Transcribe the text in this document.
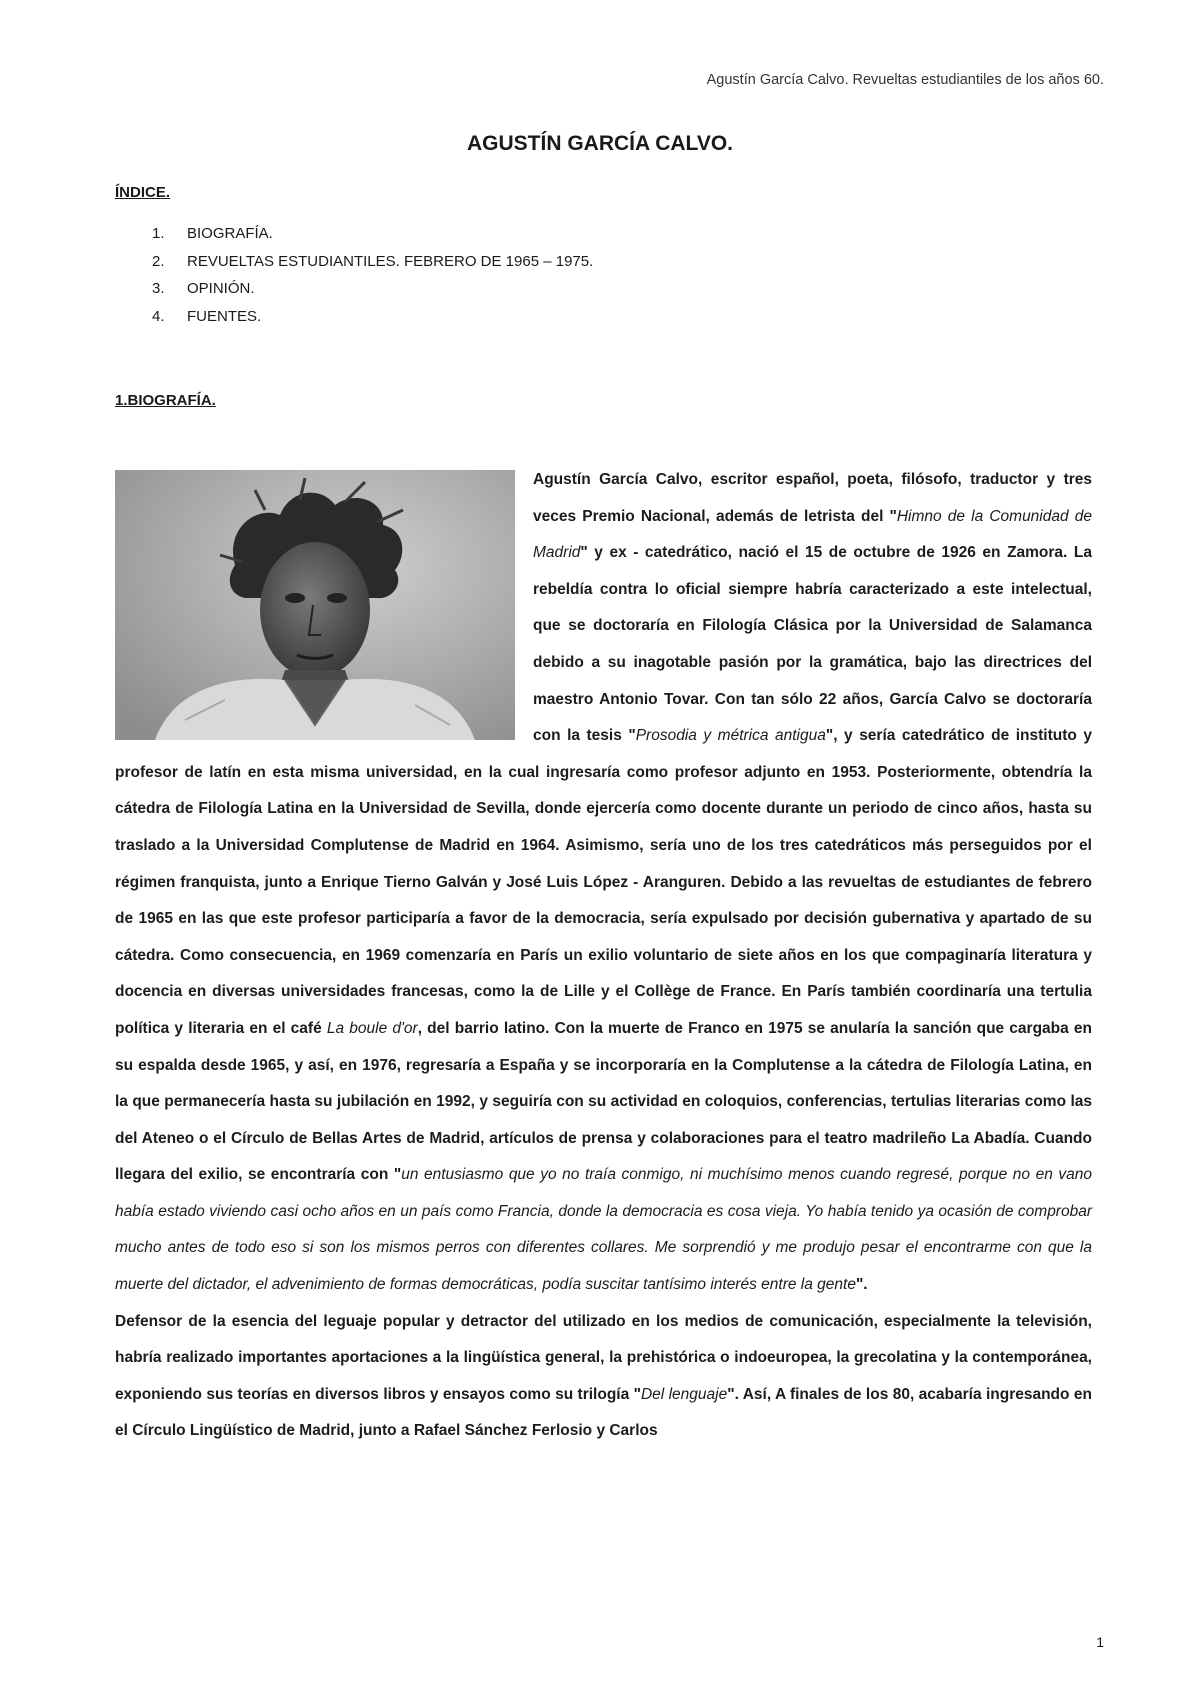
Agustín García Calvo. Revueltas estudiantiles de los años 60.
AGUSTÍN GARCÍA CALVO.
ÍNDICE.
1.	BIOGRAFÍA.
2.	REVUELTAS ESTUDIANTILES. FEBRERO DE 1965 – 1975.
3.	OPINIÓN.
4.	FUENTES.
1.BIOGRAFÍA.

Agustín García Calvo, escritor español, poeta, filósofo, traductor y tres veces Premio Nacional, además de letrista del "Himno de la Comunidad de Madrid" y ex - catedrático, nació el 15 de octubre de 1926 en Zamora. La rebeldía contra lo oficial siempre habría caracterizado a este intelectual, que se doctoraría en Filología Clásica por la Universidad de Salamanca debido a su inagotable pasión por la gramática, bajo las directrices del maestro Antonio Tovar. Con tan sólo 22 años, García Calvo se doctoraría con la tesis "Prosodia y métrica antigua", y sería catedrático de instituto y profesor de latín en esta misma universidad, en la cual ingresaría como profesor adjunto en 1953. Posteriormente, obtendría la cátedra de Filología Latina en la Universidad de Sevilla, donde ejercería como docente durante un periodo de cinco años, hasta su traslado a la Universidad Complutense de Madrid en 1964. Asimismo, sería uno de los tres catedráticos más perseguidos por el régimen franquista, junto a Enrique Tierno Galván y José Luis López - Aranguren. Debido a las revueltas de estudiantes de febrero de 1965 en las que este profesor participaría a favor de la democracia, sería expulsado por decisión gubernativa y apartado de su cátedra. Como consecuencia, en 1969 comenzaría en París un exilio voluntario de siete años en los que compaginaría literatura y docencia en diversas universidades francesas, como la de Lille y el Collège de France. En París también coordinaría una tertulia política y literaria en el café La boule d'or, del barrio latino. Con la muerte de Franco en 1975 se anularía la sanción que cargaba en su espalda desde 1965, y así, en 1976, regresaría a España y se incorporaría en la Complutense a la cátedra de Filología Latina, en la que permanecería hasta su jubilación en 1992, y seguiría con su actividad en coloquios, conferencias, tertulias literarias como las del Ateneo o el Círculo de Bellas Artes de Madrid, artículos de prensa y colaboraciones para el teatro madrileño La Abadía. Cuando llegara del exilio, se encontraría con "un entusiasmo que yo no traía conmigo, ni muchísimo menos cuando regresé, porque no en vano había estado viviendo casi ocho años en un país como Francia, donde la democracia es cosa vieja. Yo había tenido ya ocasión de comprobar mucho antes de todo eso si son los mismos perros con diferentes collares. Me sorprendió y me produjo pesar el encontrarme con que la muerte del dictador, el advenimiento de formas democráticas, podía suscitar tantísimo interés entre la gente".

Defensor de la esencia del leguaje popular y detractor del utilizado en los medios de comunicación, especialmente la televisión, habría realizado importantes aportaciones a la lingüística general, la prehistórica o indoeuropea, la grecolatina y la contemporánea, exponiendo sus teorías en diversos libros y ensayos como su trilogía "Del lenguaje". Así, A finales de los 80, acabaría ingresando en el Círculo Lingüístico de Madrid, junto a Rafael Sánchez Ferlosio y Carlos

1
